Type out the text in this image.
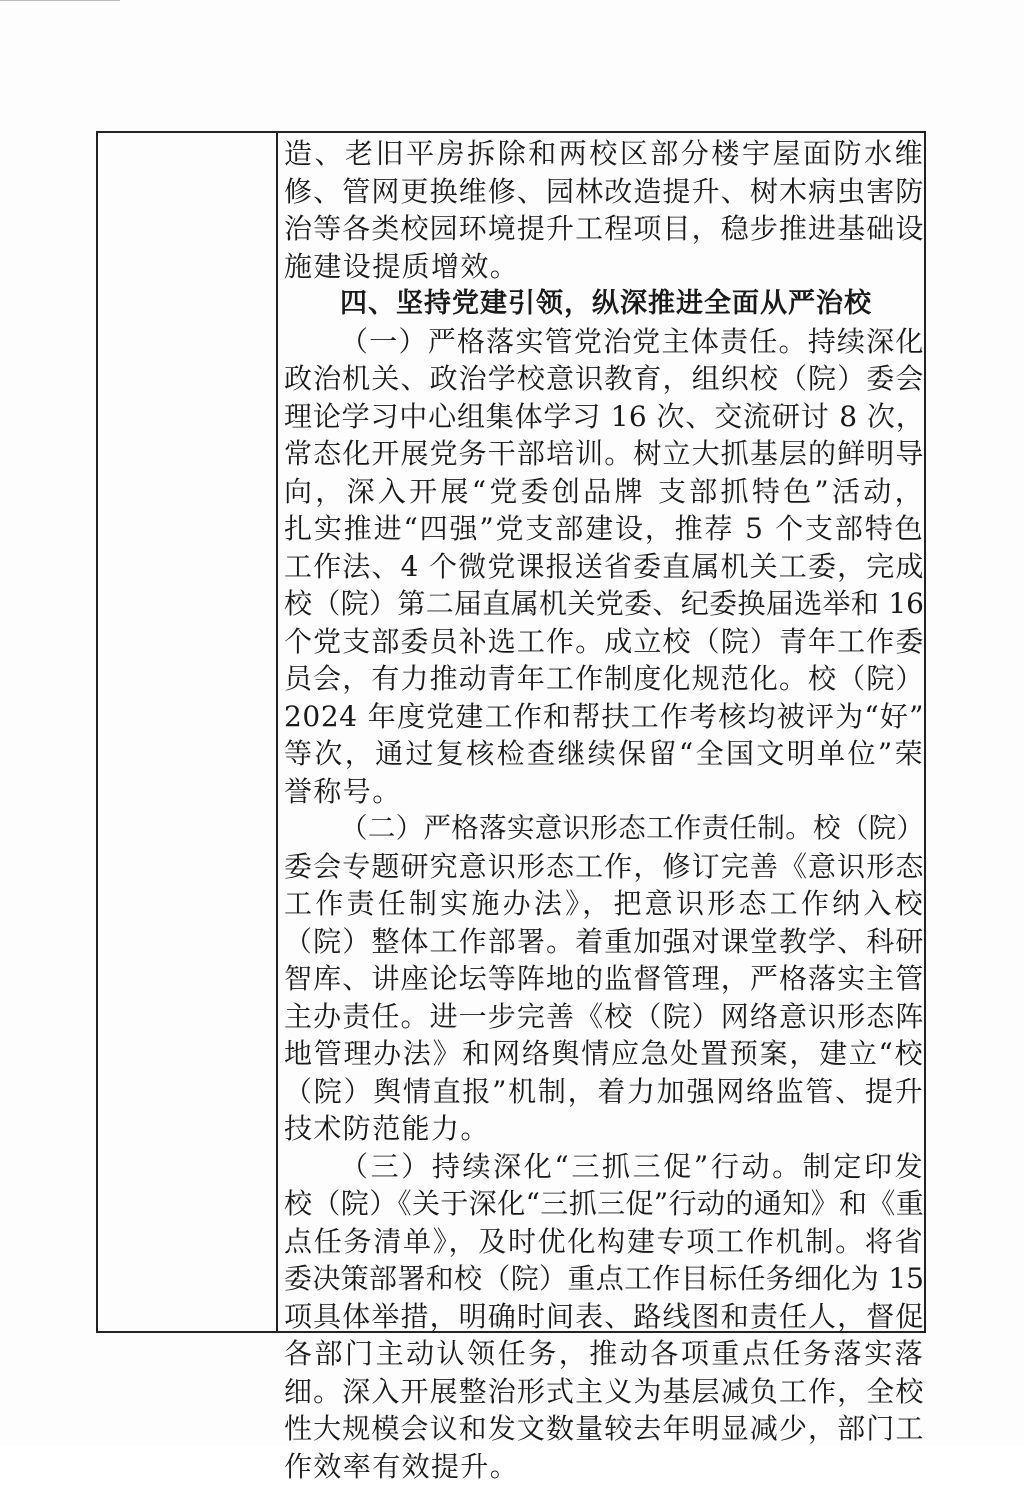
造、老旧平房拆除和两校区部分楼宇屋面防水维
修、管网更换维修、园林改造提升、树木病虫害防
治等各类校园环境提升工程项目，稳步推进基础设
施建设提质增效。
四、坚持党建引领，纵深推进全面从严治校
（一）严格落实管党治党主体责任。持续深化
政治机关、政治学校意识教育，组织校（院）委会
理论学习中心组集体学习 16 次、交流研讨 8 次，
常态化开展党务干部培训。树立大抓基层的鲜明导
向，深入开展“党委创品牌 支部抓特色”活动，
扎实推进“四强”党支部建设，推荐 5 个支部特色
工作法、4 个微党课报送省委直属机关工委，完成
校（院）第二届直属机关党委、纪委换届选举和 16
个党支部委员补选工作。成立校（院）青年工作委
员会，有力推动青年工作制度化规范化。校（院）
2024 年度党建工作和帮扶工作考核均被评为“好”
等次，通过复核检查继续保留“全国文明单位”荣
誉称号。
（二）严格落实意识形态工作责任制。校（院）
委会专题研究意识形态工作，修订完善《意识形态
工作责任制实施办法》，把意识形态工作纳入校
（院）整体工作部署。着重加强对课堂教学、科研
智库、讲座论坛等阵地的监督管理，严格落实主管
主办责任。进一步完善《校（院）网络意识形态阵
地管理办法》和网络舆情应急处置预案，建立“校
（院）舆情直报”机制，着力加强网络监管、提升
技术防范能力。
（三）持续深化“三抓三促”行动。制定印发
校（院）《关于深化“三抓三促”行动的通知》和《重
点任务清单》，及时优化构建专项工作机制。将省
委决策部署和校（院）重点工作目标任务细化为 15
项具体举措，明确时间表、路线图和责任人，督促
各部门主动认领任务，推动各项重点任务落实落
细。深入开展整治形式主义为基层减负工作，全校
性大规模会议和发文数量较去年明显减少，部门工
作效率有效提升。
